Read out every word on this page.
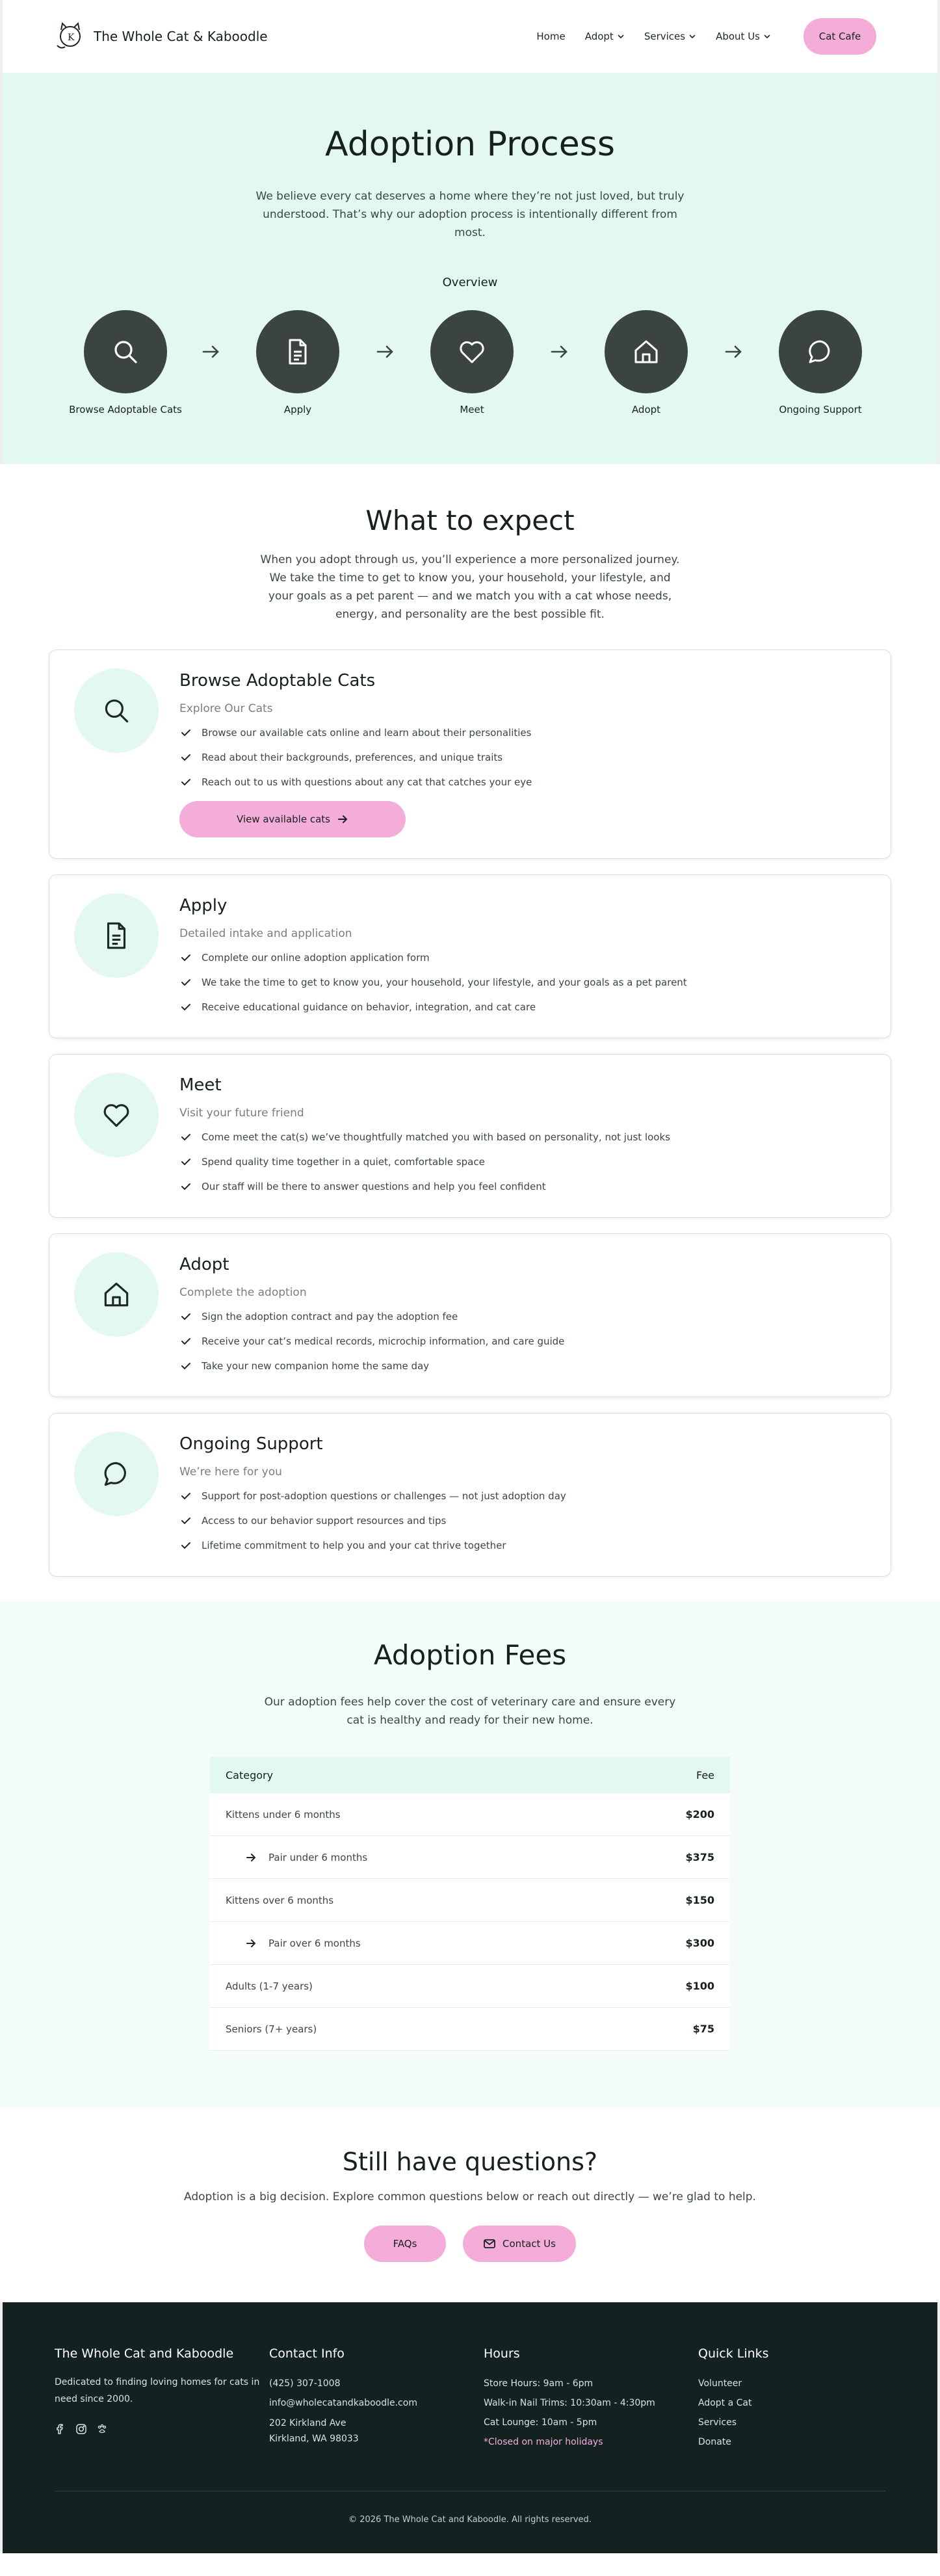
K The Whole Cat & Kaboodle	Home Adopt	Services	About Us	Cat Cafe
Adoption Process

We believe every cat deserves a home where they’re not just loved, but truly understood. That’s why our adoption process is intentionally different from most.

Overview
Browse Adoptable Cats	Apply	Meet	Adopt	Ongoing Support
What to expect

When you adopt through us, you’ll experience a more personalized journey. We take the time to get to know you, your household, your lifestyle, and your goals as a pet parent — and we match you with a cat whose needs, energy, and personality are the best possible fit.

Browse Adoptable Cats
Explore Our Cats
Browse our available cats online and learn about their personalities
Read about their backgrounds, preferences, and unique traits
Reach out to us with questions about any cat that catches your eye
View available cats
Apply
Detailed intake and application
Complete our online adoption application form
We take the time to get to know you, your household, your lifestyle, and your goals as a pet parent
Receive educational guidance on behavior, integration, and cat care
Meet
Visit your future friend
Come meet the cat(s) we’ve thoughtfully matched you with based on personality, not just looks
Spend quality time together in a quiet, comfortable space
Our staff will be there to answer questions and help you feel confident
Adopt
Complete the adoption
Sign the adoption contract and pay the adoption fee
Receive your cat’s medical records, microchip information, and care guide
Take your new companion home the same day
Ongoing Support
We’re here for you
Support for post-adoption questions or challenges — not just adoption day
Access to our behavior support resources and tips
Lifetime commitment to help you and your cat thrive together
Adoption Fees

Our adoption fees help cover the cost of veterinary care and ensure every cat is healthy and ready for their new home.

Category	Fee
Kittens under 6 months	$200
Pair under 6 months	$375
Kittens over 6 months	$150
Pair over 6 months	$300
Adults (1-7 years)	$100
Seniors (7+ years)	$75
Still have questions?

Adoption is a big decision. Explore common questions below or reach out directly — we’re glad to help.

FAQs	Contact Us
The Whole Cat and Kaboodle
Dedicated to finding loving homes for cats in need since 2000.
Contact Info
(425) 307-1008
info@wholecatandkaboodle.com
202 Kirkland Ave
Kirkland, WA 98033
Hours
Store Hours: 9am - 6pm
Walk-in Nail Trims: 10:30am - 4:30pm
Cat Lounge: 10am - 5pm
*Closed on major holidays
Quick Links
Volunteer
Adopt a Cat
Services
Donate
© 2026 The Whole Cat and Kaboodle. All rights reserved.
